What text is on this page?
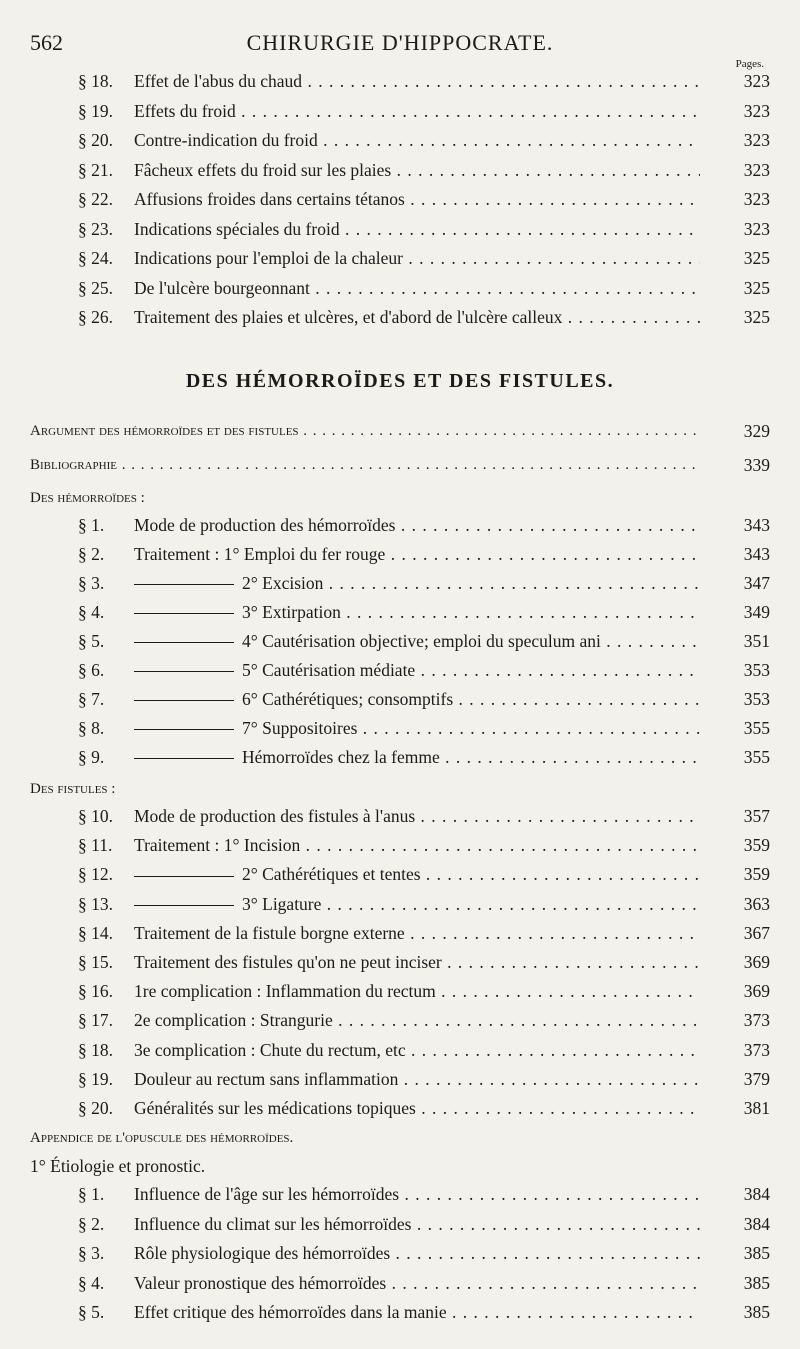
562	CHIRURGIE D'HIPPOCRATE.
Pages.
DES HÉMORROÏDES ET DES FISTULES.
§ 18. Effet de l'abus du chaud . . .	323
§ 19. Effets du froid . . .	323
§ 20. Contre-indication du froid . . .	323
§ 21. Fâcheux effets du froid sur les plaies . . .	323
§ 22. Affusions froides dans certains tétanos . . .	323
§ 23. Indications spéciales du froid . . .	323
§ 24. Indications pour l'emploi de la chaleur . . .	325
§ 25. De l'ulcère bourgeonnant . . .	325
§ 26. Traitement des plaies et ulcères, et d'abord de l'ulcère calleux . . .	325
Argument des hémorroïdes et des fistules . . .	329
Bibliographie . . .	339
Des hémorroïdes :
§ 1. Mode de production des hémorroïdes . . .	343
§ 2. Traitement : 1° Emploi du fer rouge . . .	343
§ 3.	2° Excision . . .	347
§ 4.	3° Extirpation . . .	349
§ 5.	4° Cautérisation objective; emploi du speculum ani . . .	351
§ 6.	5° Cautérisation médiate . . .	353
§ 7.	6° Cathérétiques; consomptifs . . .	353
§ 8.	7° Suppositoires . . .	355
§ 9.	Hémorroïdes chez la femme . . .	355
Des fistules :
§ 10. Mode de production des fistules à l'anus . . .	357
§ 11. Traitement : 1° Incision . . .	359
§ 12.	2° Cathérétiques et tentes . . .	359
§ 13.	3° Ligature . . .	363
§ 14. Traitement de la fistule borgne externe . . .	367
§ 15. Traitement des fistules qu'on ne peut inciser . . .	369
§ 16. 1re complication : Inflammation du rectum . . .	369
§ 17. 2e complication : Strangurie . . .	373
§ 18. 3e complication : Chute du rectum, etc . . .	373
§ 19. Douleur au rectum sans inflammation . . .	379
§ 20. Généralités sur les médications topiques . . .	381
Appendice de l'opuscule des hémorroïdes.
1° Étiologie et pronostic.
§ 1. Influence de l'âge sur les hémorroïdes . . .	384
§ 2. Influence du climat sur les hémorroïdes . . .	384
§ 3. Rôle physiologique des hémorroïdes . . .	385
§ 4. Valeur pronostique des hémorroïdes . . .	385
§ 5. Effet critique des hémorroïdes dans la manie . . .	385
